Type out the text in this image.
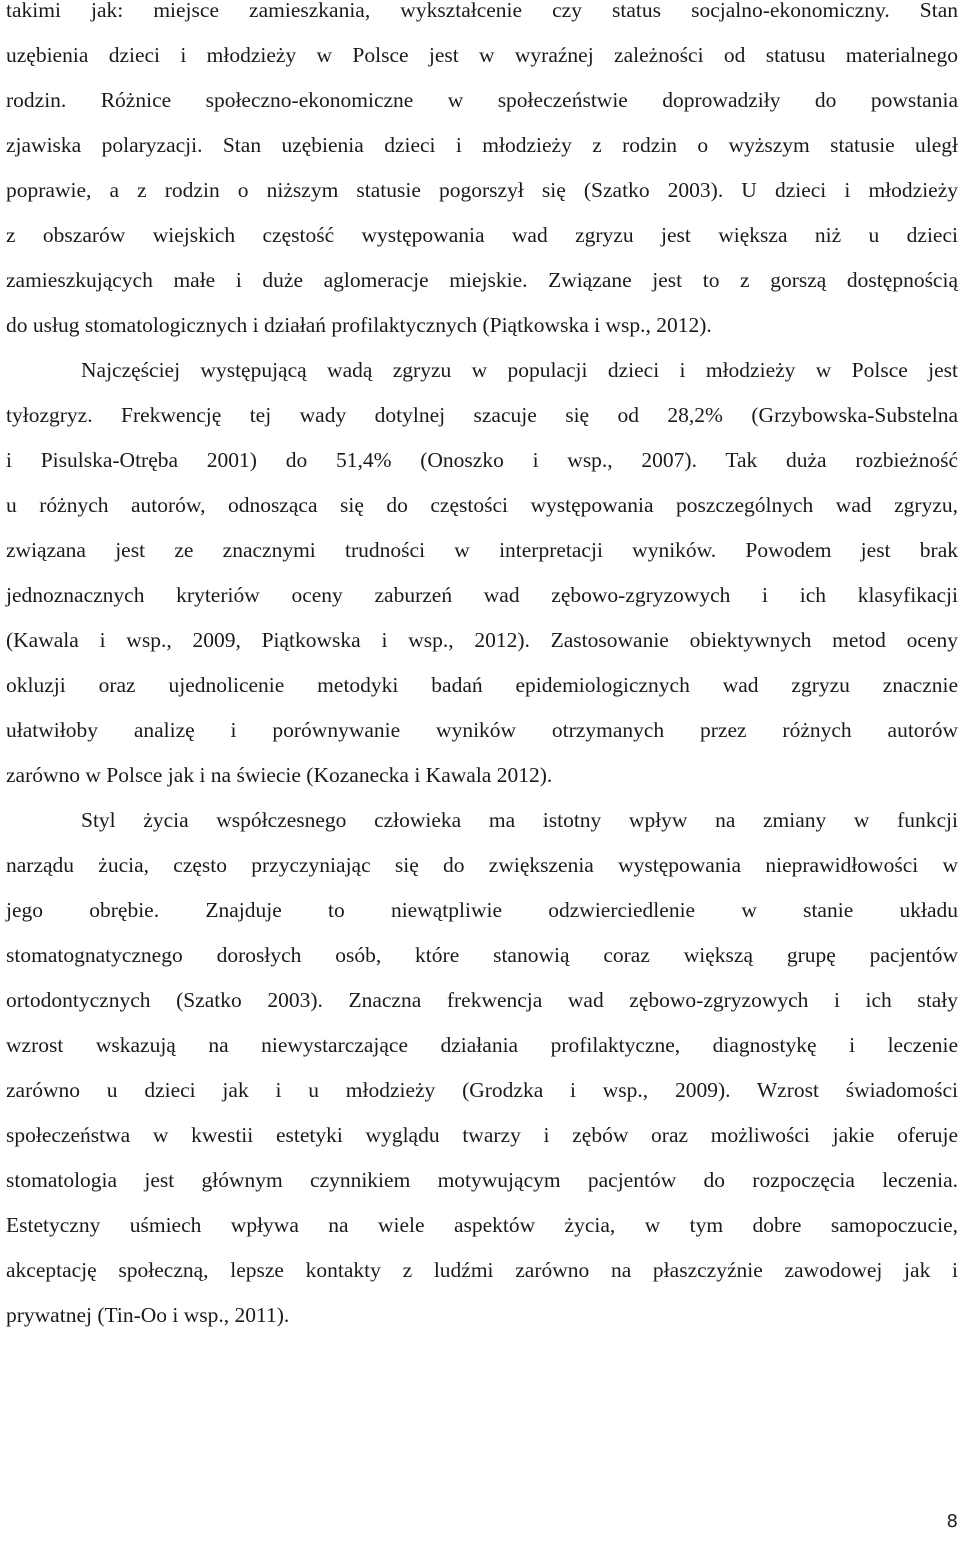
takimi jak: miejsce zamieszkania, wykształcenie czy status socjalno-ekonomiczny. Stan
uzębienia dzieci i młodzieży w Polsce jest w wyraźnej zależności od statusu materialnego
rodzin. Różnice społeczno-ekonomiczne w społeczeństwie doprowadziły do powstania
zjawiska polaryzacji. Stan uzębienia dzieci i młodzieży z rodzin o wyższym statusie uległ
poprawie, a z rodzin o niższym statusie pogorszył się (Szatko 2003). U dzieci i młodzieży
z obszarów wiejskich częstość występowania wad zgryzu jest większa niż u dzieci
zamieszkujących małe i duże aglomeracje miejskie. Związane jest to z gorszą dostępnością
do usług stomatologicznych i działań profilaktycznych (Piątkowska i wsp., 2012).
Najczęściej występującą wadą zgryzu w populacji dzieci i młodzieży w Polsce jest
tyłozgryz. Frekwencję tej wady dotylnej szacuje się od 28,2% (Grzybowska-Substelna
i Pisulska-Otręba 2001) do 51,4% (Onoszko i wsp., 2007). Tak duża rozbieżność
u różnych autorów, odnosząca się do częstości występowania poszczególnych wad zgryzu,
związana jest ze znacznymi trudności w interpretacji wyników. Powodem jest brak
jednoznacznych kryteriów oceny zaburzeń wad zębowo-zgryzowych i ich klasyfikacji
(Kawala i wsp., 2009, Piątkowska i wsp., 2012). Zastosowanie obiektywnych metod oceny
okluzji oraz ujednolicenie metodyki badań epidemiologicznych wad zgryzu znacznie
ułatwiłoby analizę i porównywanie wyników otrzymanych przez różnych autorów
zarówno w Polsce jak i na świecie (Kozanecka i Kawala 2012).
Styl życia współczesnego człowieka ma istotny wpływ na zmiany w funkcji
narządu żucia, często przyczyniając się do zwiększenia występowania nieprawidłowości w
jego obrębie. Znajduje to niewątpliwie odzwierciedlenie w stanie układu
stomatognatycznego dorosłych osób, które stanowią coraz większą grupę pacjentów
ortodontycznych (Szatko 2003). Znaczna frekwencja wad zębowo-zgryzowych i ich stały
wzrost wskazują na niewystarczające działania profilaktyczne, diagnostykę i leczenie
zarówno u dzieci jak i u młodzieży (Grodzka i wsp., 2009). Wzrost świadomości
społeczeństwa w kwestii estetyki wyglądu twarzy i zębów oraz możliwości jakie oferuje
stomatologia jest głównym czynnikiem motywującym pacjentów do rozpoczęcia leczenia.
Estetyczny uśmiech wpływa na wiele aspektów życia, w tym dobre samopoczucie,
akceptację społeczną, lepsze kontakty z ludźmi zarówno na płaszczyźnie zawodowej jak i
prywatnej (Tin-Oo i wsp., 2011).
8
